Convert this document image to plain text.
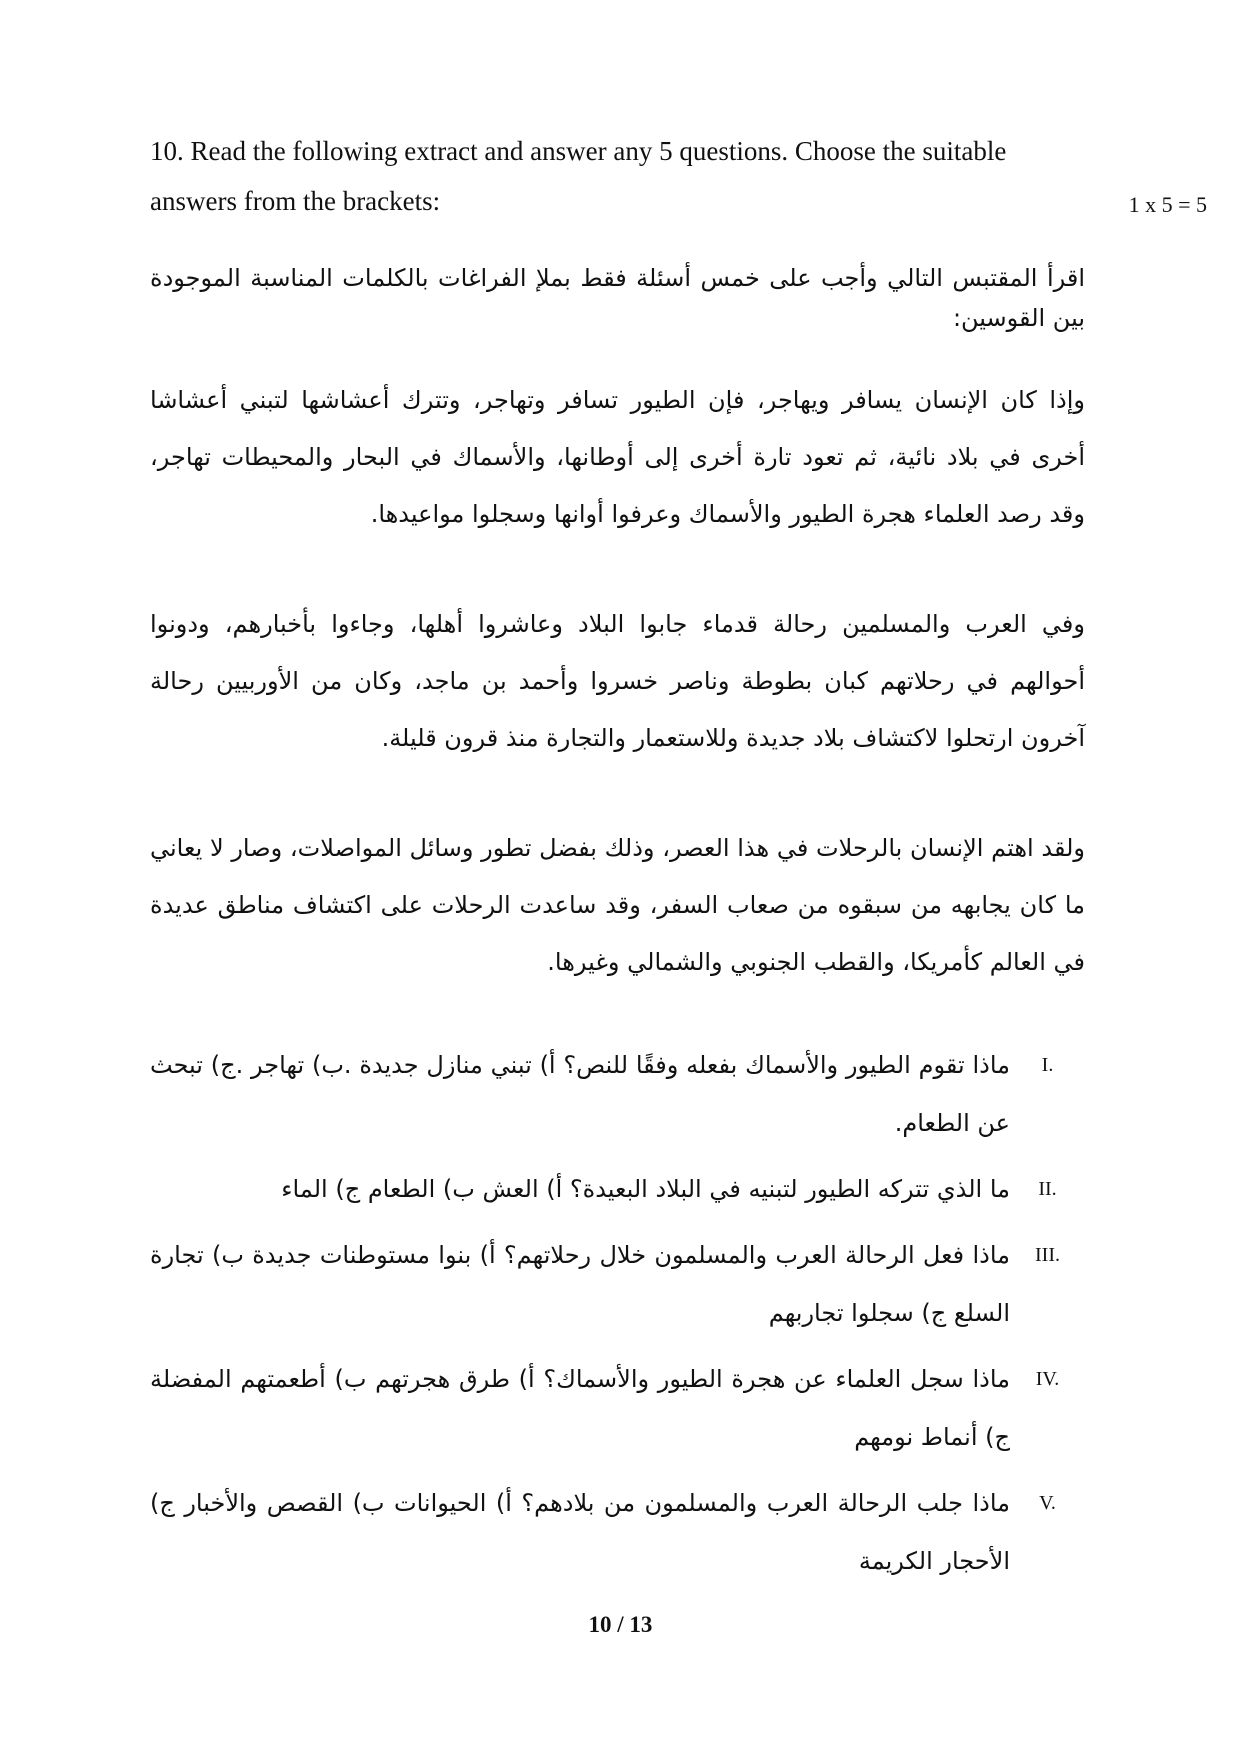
10. Read the following extract and answer any 5 questions. Choose the suitable answers from the brackets:	1 x 5 = 5
اقرأ المقتبس التالي وأجب على خمس أسئلة فقط بملإ الفراغات بالكلمات المناسبة الموجودة بين القوسين:
وإذا كان الإنسان يسافر ويهاجر، فإن الطيور تسافر وتهاجر، وتترك أعشاشها لتبني أعشاشا أخرى في بلاد نائية، ثم تعود تارة أخرى إلى أوطانها، والأسماك في البحار والمحيطات تهاجر، وقد رصد العلماء هجرة الطيور والأسماك وعرفوا أوانها وسجلوا مواعيدها.
وفي العرب والمسلمين رحالة قدماء جابوا البلاد وعاشروا أهلها، وجاءوا بأخبارهم، ودونوا أحوالهم في رحلاتهم كبان بطوطة وناصر خسروا وأحمد بن ماجد، وكان من الأوربيين رحالة آخرون ارتحلوا لاكتشاف بلاد جديدة وللاستعمار والتجارة منذ قرون قليلة.
ولقد اهتم الإنسان بالرحلات في هذا العصر، وذلك بفضل تطور وسائل المواصلات، وصار لا يعاني ما كان يجابهه من سبقوه من صعاب السفر، وقد ساعدت الرحلات على اكتشاف مناطق عديدة في العالم كأمريكا، والقطب الجنوبي والشمالي وغيرها.
I.
ماذا تقوم الطيور والأسماك بفعله وفقًا للنص؟ أ) تبني منازل جديدة .ب) تهاجر .ج) تبحث عن الطعام.
II.
ما الذي تتركه الطيور لتبنيه في البلاد البعيدة؟ أ) العش ب) الطعام ج) الماء
III.
ماذا فعل الرحالة العرب والمسلمون خلال رحلاتهم؟ أ) بنوا مستوطنات جديدة ب) تجارة السلع ج) سجلوا تجاربهم
IV.
ماذا سجل العلماء عن هجرة الطيور والأسماك؟ أ) طرق هجرتهم ب) أطعمتهم المفضلة ج) أنماط نومهم
V.
ماذا جلب الرحالة العرب والمسلمون من بلادهم؟ أ) الحيوانات ب) القصص والأخبار ج) الأحجار الكريمة
10 / 13
